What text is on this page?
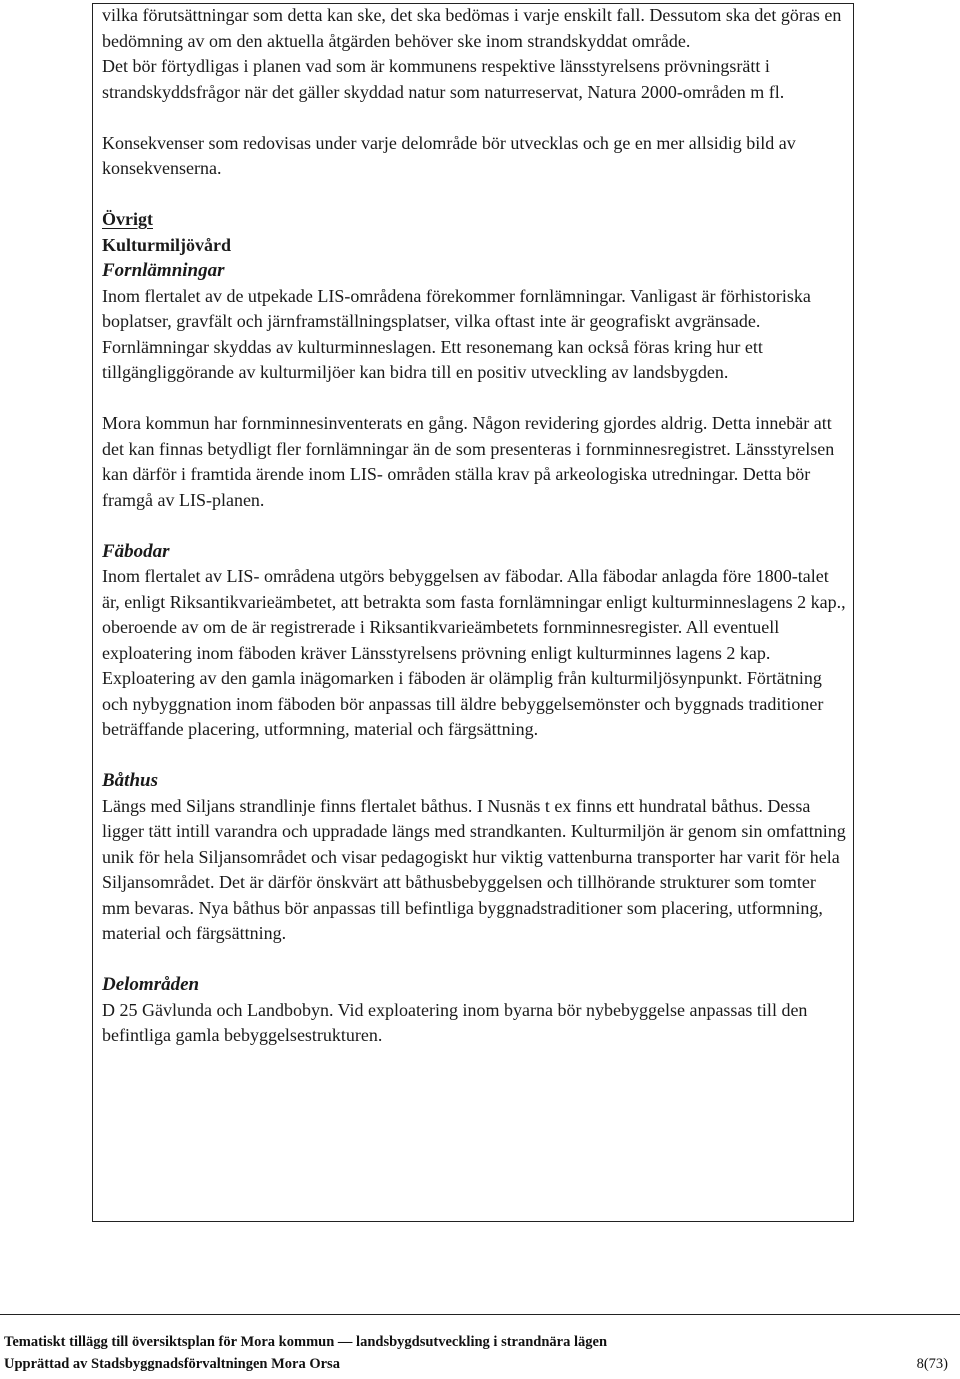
vilka förutsättningar som detta kan ske, det ska bedömas i varje enskilt fall. Dessutom ska det göras en bedömning av om den aktuella åtgärden behöver ske inom strandskyddat område.

Det bör förtydligas i planen vad som är kommunens respektive länsstyrelsens prövningsrätt i strandskyddsfrågor när det gäller skyddad natur som naturreservat, Natura 2000-områden m fl.

Konsekvenser som redovisas under varje delområde bör utvecklas och ge en mer allsidig bild av konsekvenserna.

Övrigt

Kulturmiljövård

Fornlämningar

Inom flertalet av de utpekade LIS-områdena förekommer fornlämningar. Vanligast är förhistoriska boplatser, gravfält och järnframställningsplatser, vilka oftast inte är geografiskt avgränsade. Fornlämningar skyddas av kulturminneslagen. Ett resonemang kan också föras kring hur ett tillgängliggörande av kulturmiljöer kan bidra till en positiv utveckling av landsbygden.

Mora kommun har fornminnesinventerats en gång. Någon revidering gjordes aldrig. Detta innebär att det kan finnas betydligt fler fornlämningar än de som presenteras i fornminnesregistret. Länsstyrelsen kan därför i framtida ärende inom LIS- områden ställa krav på arkeologiska utredningar. Detta bör framgå av LIS-planen.

Fäbodar

Inom flertalet av LIS- områdena utgörs bebyggelsen av fäbodar. Alla fäbodar anlagda före 1800-talet är, enligt Riksantikvarieämbetet, att betrakta som fasta fornlämningar enligt kulturminneslagens 2 kap., oberoende av om de är registrerade i Riksantikvarieämbetets fornminnesregister. All eventuell exploatering inom fäboden kräver Länsstyrelsens prövning enligt kulturminnes lagens 2 kap. Exploatering av den gamla inägomarken i fäboden är olämplig från kulturmiljösynpunkt. Förtätning och nybyggnation inom fäboden bör anpassas till äldre bebyggelsemönster och byggnads traditioner beträffande placering, utformning, material och färgsättning.

Båthus

Längs med Siljans strandlinje finns flertalet båthus. I Nusnäs t ex finns ett hundratal båthus. Dessa ligger tätt intill varandra och uppradade längs med strandkanten. Kulturmiljön är genom sin omfattning unik för hela Siljansområdet och visar pedagogiskt hur viktig vattenburna transporter har varit för hela Siljansområdet. Det är därför önskvärt att båthusbebyggelsen och tillhörande strukturer som tomter mm bevaras. Nya båthus bör anpassas till befintliga byggnadstraditioner som placering, utformning, material och färgsättning.

Delområden

D 25 Gävlunda och Landbobyn. Vid exploatering inom byarna bör nybebyggelse anpassas till den befintliga gamla bebyggelsestrukturen.

Tematiskt tillägg till översiktsplan för Mora kommun — landsbygdsutveckling i strandnära lägen
Upprättad av Stadsbyggnadsförvaltningen Mora Orsa	8(73)
